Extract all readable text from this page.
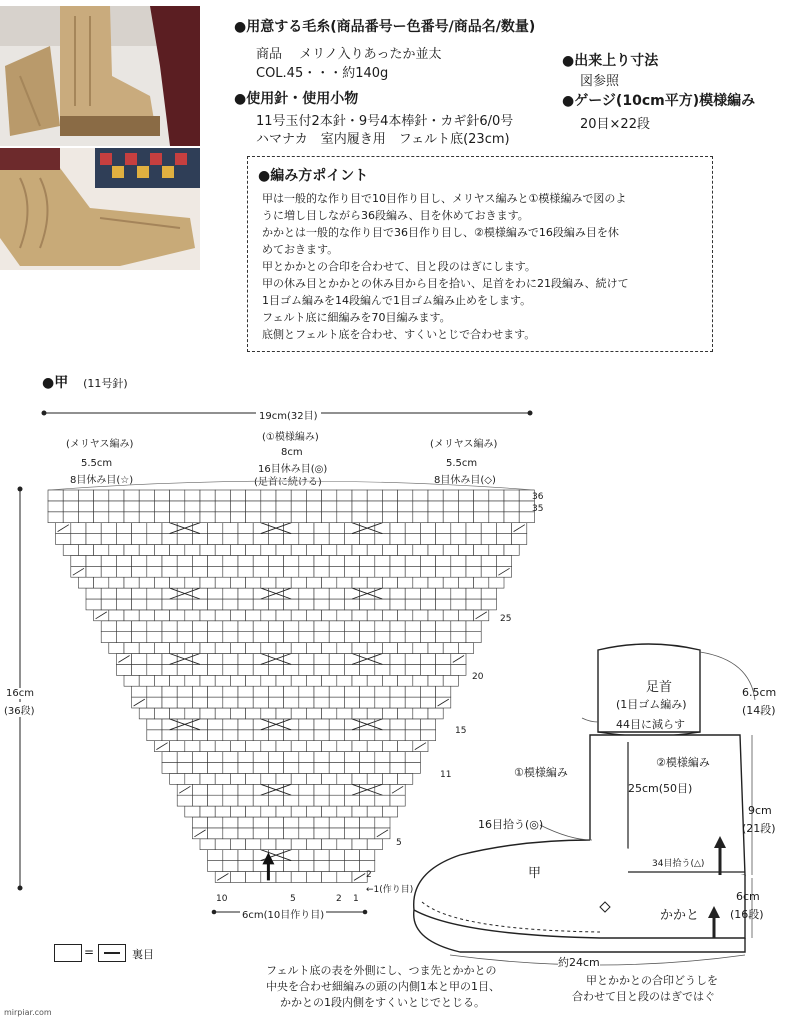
●用意する毛糸(商品番号ー色番号/商品名/数量)
商品　 メリノ入りあったか並太
COL.45・・・約140g
●使用針・使用小物
11号玉付2本針・9号4本棒針・カギ針6/0号
ハマナカ　室内履き用　フェルト底(23cm)
●出来上り寸法
図参照
●ゲージ(10cm平方)模様編み
20目×22段
●編み方ポイント
甲は一般的な作り目で10目作り目し、メリヤス編みと①模様編みで図のよ
うに増し目しながら36段編み、目を休めておきます。
かかとは一般的な作り目で36目作り目し、②模様編みで16段編み目を休
めておきます。
甲とかかとの合印を合わせて、目と段のはぎにします。
甲の休み目とかかとの休み目から目を拾い、足首をわに21段編み、続けて
1目ゴム編みを14段編んで1目ゴム編み止めをします。
フェルト底に細編みを70目編みます。
底側とフェルト底を合わせ、すくいとじで合わせます。
●甲 (11号針)
19cm(32目)
(メリヤス編み)
(①模様編み)
(メリヤス編み)
5.5cm
8目休み目(☆)
8cm
16目休み目(◎)
(足首に続ける)
5.5cm
8目休み目(◇)
16cm
(36段)
36
35
25
20
15
11
5
2
←1(作り目)
10	5	2 1
6cm(10目作り目)
=	裏目
足首
(1目ゴム編み)
44目に減らす
6.5cm
(14段)
①模様編み
②模様編み
25cm(50目)
9cm
(21段)
16目拾う(◎)
甲
34目拾う(△)
かかと
6cm
(16段)
約24cm
フェルト底の表を外側にし、つま先とかかとの
中央を合わせ細編みの頭の内側1本と甲の1目、
かかとの1段内側をすくいとじでとじる。
甲とかかとの合印どうしを
合わせて目と段のはぎではぐ
mirpiar.com
